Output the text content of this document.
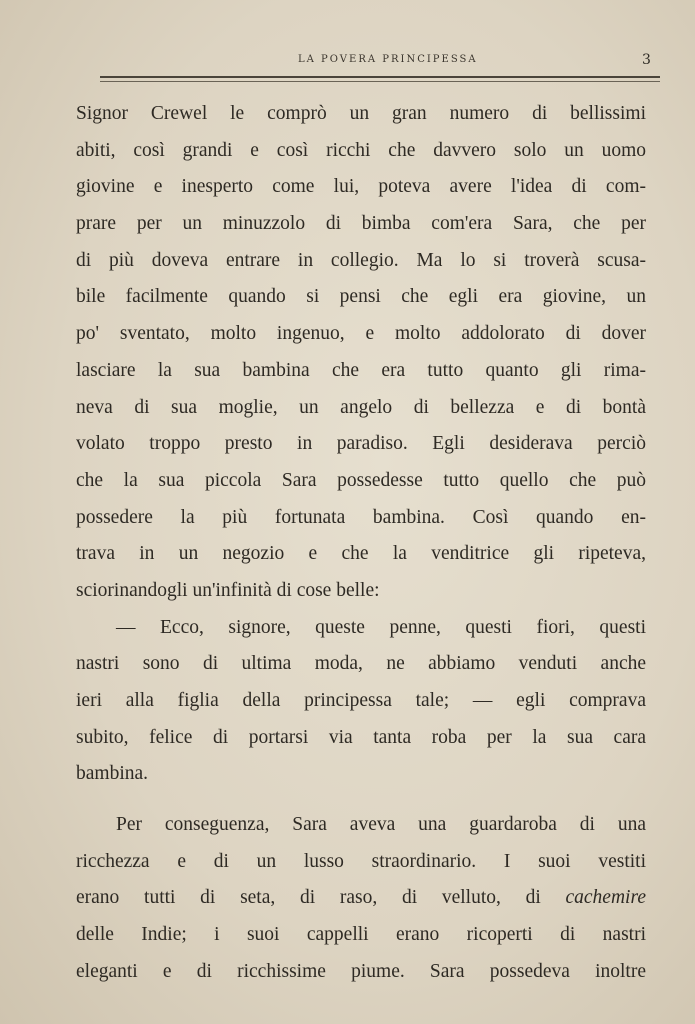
LA POVERA PRINCIPESSA	3
Signor Crewel le comprò un gran numero di bellissimi
abiti, così grandi e così ricchi che davvero solo un uomo
giovine e inesperto come lui, poteva avere l'idea di com-
prare per un minuzzolo di bimba com'era Sara, che per
di più doveva entrare in collegio. Ma lo si troverà scusa-
bile facilmente quando si pensi che egli era giovine, un
po' sventato, molto ingenuo, e molto addolorato di dover
lasciare la sua bambina che era tutto quanto gli rima-
neva di sua moglie, un angelo di bellezza e di bontà
volato troppo presto in paradiso. Egli desiderava perciò
che la sua piccola Sara possedesse tutto quello che può
possedere la più fortunata bambina. Così quando en-
trava in un negozio e che la venditrice gli ripeteva,
sciorinandogli un'infinità di cose belle:
— Ecco, signore, queste penne, questi fiori, questi
nastri sono di ultima moda, ne abbiamo venduti anche
ieri alla figlia della principessa tale; — egli comprava
subito, felice di portarsi via tanta roba per la sua cara
bambina.
Per conseguenza, Sara aveva una guardaroba di una
ricchezza e di un lusso straordinario. I suoi vestiti
erano tutti di seta, di raso, di velluto, di cachemire
delle Indie; i suoi cappelli erano ricoperti di nastri
eleganti e di ricchissime piume. Sara possedeva inoltre
